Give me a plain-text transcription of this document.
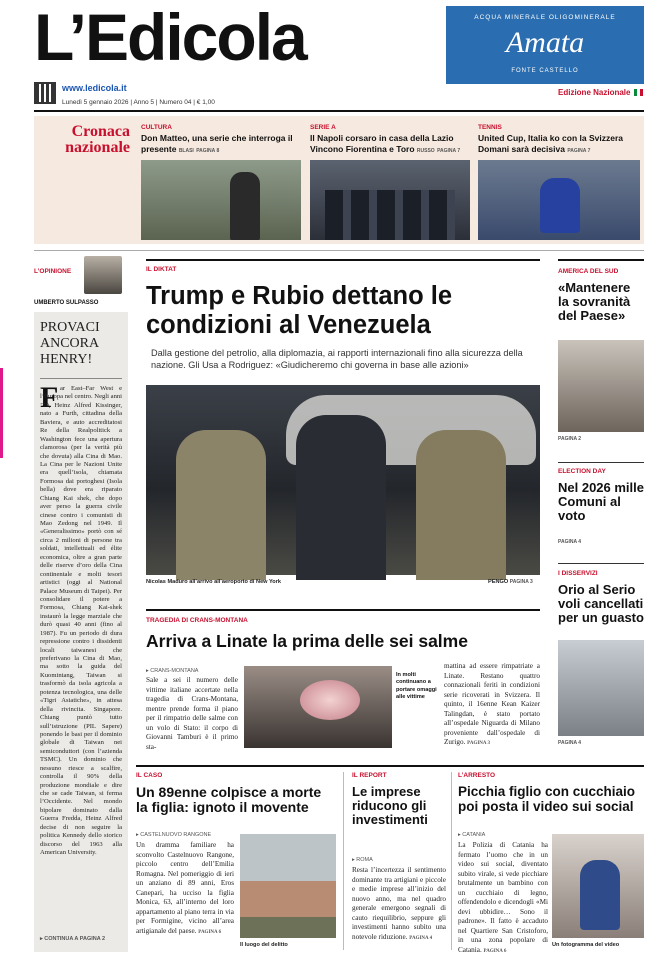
L’Edicola
www.ledicola.it
Lunedì 5 gennaio 2026 | Anno 5 | Numero 04 | € 1,00
ACQUA MINERALE OLIGOMINERALE
Amata
FONTE CASTELLO
Edizione Nazionale
Cronaca nazionale
CULTURA
Don Matteo, una serie che interroga il presente BLASI PAGINA 8
SERIE A
Il Napoli corsaro in casa della Lazio Vincono Fiorentina e Toro RUSSO PAGINA 7
TENNIS
United Cup, Italia ko con la Svizzera Domani sarà decisiva PAGINA 7
L’OPINIONE
UMBERTO SULPASSO
PROVACI ANCORA HENRY!
F ar East–Far West e l’Europa nel centro. Negli anni ’70, Heinz Alfred Kissinger, nato a Furth, cittadina della Baviera, e auto accreditatosi Re della Realpolitick a Washington fece una apertura clamorosa (per la verità più che dovuta) alla Cina di Mao. La Cina per le Nazioni Unite era quell’isola, chiamata Formosa dai portoghesi (Isola bella) dove era riparato Chiang Kai shek, che dopo aver perso la guerra civile cinese contro i comunisti di Mao Zedong nel 1949. Il «Generalissimo» portò con sé circa 2 milioni di persone tra soldati, intellettuali ed élite economica, oltre a gran parte delle riserve d’oro della Cina continentale e molti tesori artistici (oggi al National Palace Museum di Taipei). Per consolidare il potere a Formosa, Chiang Kai-shek instaurò la legge marziale che durò quasi 40 anni (fino al 1987). Fu un periodo di dura repressione contro i dissidenti locali taiwanesi che preferivano la Cina di Mao, ma sotto la guida del Kuomintang, Taiwan si trasformò da isola agricola a potenza tecnologica, una delle «Tigri Asiatiche», in attesa della rivincita. Singapore. Chiang puntò tutto sull’istruzione (PIL Sapere) ponendo le basi per il dominio globale di Taiwan nei semiconduttori (con l’azienda TSMC). Un dominio che nessuno riesce a scalfire, controlla il 90% della produzione mondiale e dire che se cade Taiwan, si ferma l’Occidente. Nel mondo bipolare dominato dalla Guerra Fredda, Heinz Alfred decise di non seguire la politica Kennedy dello storico discorso del 1963 alla American University.
▸ CONTINUA A PAGINA 2
IL DIKTAT
Trump e Rubio dettano le condizioni al Venezuela
Dalla gestione del petrolio, alla diplomazia, ai rapporti internazionali fino alla sicurezza della nazione. Gli Usa a Rodriguez: «Giudicheremo chi governa in base alle azioni»
Nicolas Maduro all’arrivo all’aeroporto di New York	PENGO PAGINA 3
AMERICA DEL SUD
«Mantenere la sovranità del Paese»
PAGINA 2
ELECTION DAY
Nel 2026 mille Comuni al voto
PAGINA 4
I DISSERVIZI
Orio al Serio voli cancellati per un guasto
PAGINA 4
TRAGEDIA DI CRANS-MONTANA
Arriva a Linate la prima delle sei salme
▸ CRANS-MONTANA
Sale a sei il numero delle vittime italiane accertate nella tragedia di Crans-Montana, mentre prende forma il piano per il rimpatrio delle salme con un volo di Stato: il corpo di Giovanni Tamburi è il primo sta-
In molti continuano a portare omaggi alle vittime
mattina ad essere rimpatriate a Linate. Restano quattro connazionali feriti in condizioni serie ricoverati in Svizzera. Il quinto, il 16enne Kean Kaizer Talingdan, è stato portato all’ospedale Niguarda di Milano proveniente dall’ospedale di Zurigo. PAGINA 3
IL CASO
Un 89enne colpisce a morte la figlia: ignoto il movente
▸ CASTELNUOVO RANGONE
Un dramma familiare ha sconvolto Castelnuovo Rangone, piccolo centro dell’Emilia Romagna. Nel pomeriggio di ieri un anziano di 89 anni, Eros Canepari, ha ucciso la figlia Monica, 63, all’interno del loro appartamento al piano terra in via per Formigine, vicino all’area artigianale del paese. PAGINA 6
Il luogo del delitto
IL REPORT
Le imprese riducono gli investimenti
▸ ROMA
Resta l’incertezza il sentimento dominante tra artigiani e piccole e medie imprese all’inizio del nuovo anno, ma nel quadro generale emergono segnali di cauto riequilibrio, seppure gli investimenti hanno subìto una notevole riduzione. PAGINA 4
L’ARRESTO
Picchia figlio con cucchiaio poi posta il video sui social
▸ CATANIA
La Polizia di Catania ha fermato l’uomo che in un video sui social, diventato subito virale, si vede picchiare brutalmente un bambino con un cucchiaio di legno, offendendolo e dicendogli «Mi devi ubbidire… Sono il padrone». Il fatto è accaduto nel Quartiere San Cristoforo, in una zona popolare di Catania. PAGINA 6
Un fotogramma del video
